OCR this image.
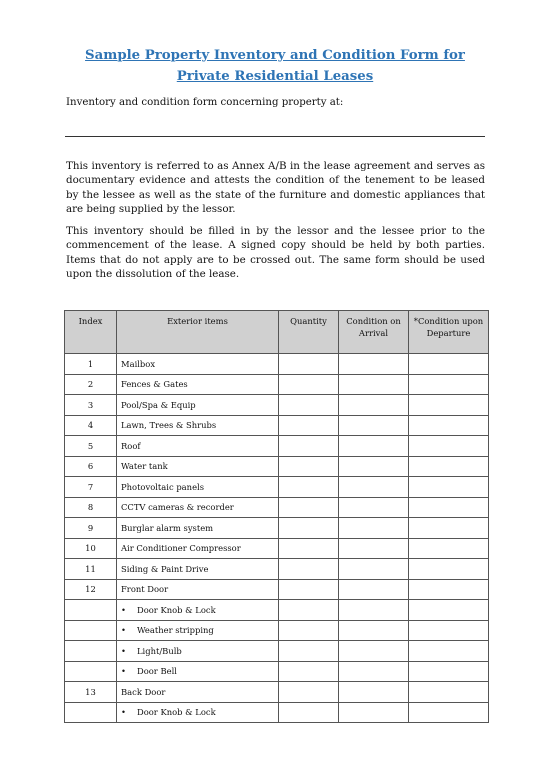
Sample Property Inventory and Condition Form for
Private Residential Leases
Inventory and condition form concerning property at:
This inventory is referred to as Annex A/B in the lease agreement and serves as documentary evidence and attests the condition of the tenement to be leased by the lessee as well as the state of the furniture and domestic appliances that are being supplied by the lessor.
This inventory should be filled in by the lessor and the lessee prior to the commencement of the lease. A signed copy should be held by both parties. Items that do not apply are to be crossed out. The same form should be used upon the dissolution of the lease.
Index	Exterior items	Quantity	Condition on Arrival	*Condition upon Departure
1	Mailbox			
2	Fences & Gates			
3	Pool/Spa & Equip			
4	Lawn, Trees & Shrubs			
5	Roof			
6	Water tank			
7	Photovoltaic panels			
8	CCTV cameras & recorder			
9	Burglar alarm system			
10	Air Conditioner Compressor			
11	Siding & Paint Drive			
12	Front Door			
	• Door Knob & Lock			
	• Weather stripping			
	• Light/Bulb			
	• Door Bell			
13	Back Door			
	• Door Knob & Lock			
